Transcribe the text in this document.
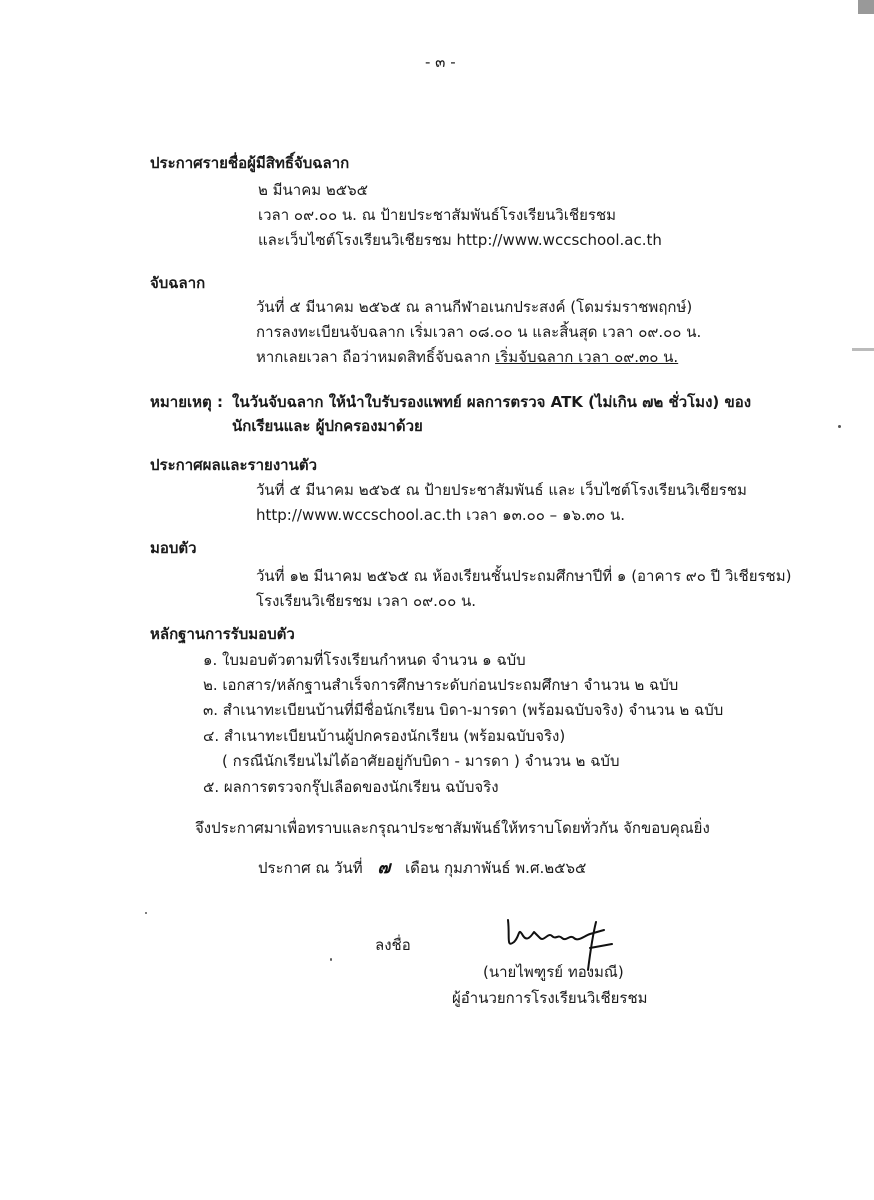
- ๓ -
ประกาศรายชื่อผู้มีสิทธิ์จับฉลาก
๒ มีนาคม ๒๕๖๕
เวลา ๐๙.๐๐ น. ณ ป้ายประชาสัมพันธ์โรงเรียนวิเชียรชม
และเว็บไซต์โรงเรียนวิเชียรชม http://www.wccschool.ac.th
จับฉลาก
วันที่ ๕ มีนาคม ๒๕๖๕ ณ ลานกีฬาอเนกประสงค์ (โดมร่มราชพฤกษ์)
การลงทะเบียนจับฉลาก เริ่มเวลา ๐๘.๐๐ น และสิ้นสุด เวลา ๐๙.๐๐ น.
หากเลยเวลา ถือว่าหมดสิทธิ์จับฉลาก เริ่มจับฉลาก เวลา ๐๙.๓๐ น.
หมายเหตุ : ในวันจับฉลาก ให้นำใบรับรองแพทย์ ผลการตรวจ ATK (ไม่เกิน ๗๒ ชั่วโมง) ของ
นักเรียนและ ผู้ปกครองมาด้วย
ประกาศผลและรายงานตัว
วันที่ ๕ มีนาคม ๒๕๖๕ ณ ป้ายประชาสัมพันธ์ และ เว็บไซต์โรงเรียนวิเชียรชม
http://www.wccschool.ac.th เวลา ๑๓.๐๐ – ๑๖.๓๐ น.
มอบตัว
วันที่ ๑๒ มีนาคม ๒๕๖๕ ณ ห้องเรียนชั้นประถมศึกษาปีที่ ๑ (อาคาร ๙๐ ปี วิเชียรชม)
โรงเรียนวิเชียรชม เวลา ๐๙.๐๐ น.
หลักฐานการรับมอบตัว
๑. ใบมอบตัวตามที่โรงเรียนกำหนด จำนวน ๑ ฉบับ
๒. เอกสาร/หลักฐานสำเร็จการศึกษาระดับก่อนประถมศึกษา จำนวน ๒ ฉบับ
๓. สำเนาทะเบียนบ้านที่มีชื่อนักเรียน บิดา-มารดา (พร้อมฉบับจริง) จำนวน ๒ ฉบับ
๔. สำเนาทะเบียนบ้านผู้ปกครองนักเรียน (พร้อมฉบับจริง)
( กรณีนักเรียนไม่ได้อาศัยอยู่กับบิดา - มารดา ) จำนวน ๒ ฉบับ
๕. ผลการตรวจกรุ๊ปเลือดของนักเรียน ฉบับจริง
จึงประกาศมาเพื่อทราบและกรุณาประชาสัมพันธ์ให้ทราบโดยทั่วกัน จักขอบคุณยิ่ง
ประกาศ ณ วันที่ ๗ เดือน กุมภาพันธ์ พ.ศ.๒๕๖๕
ลงชื่อ
(นายไพฑูรย์ ทองมณี)
ผู้อำนวยการโรงเรียนวิเชียรชม
